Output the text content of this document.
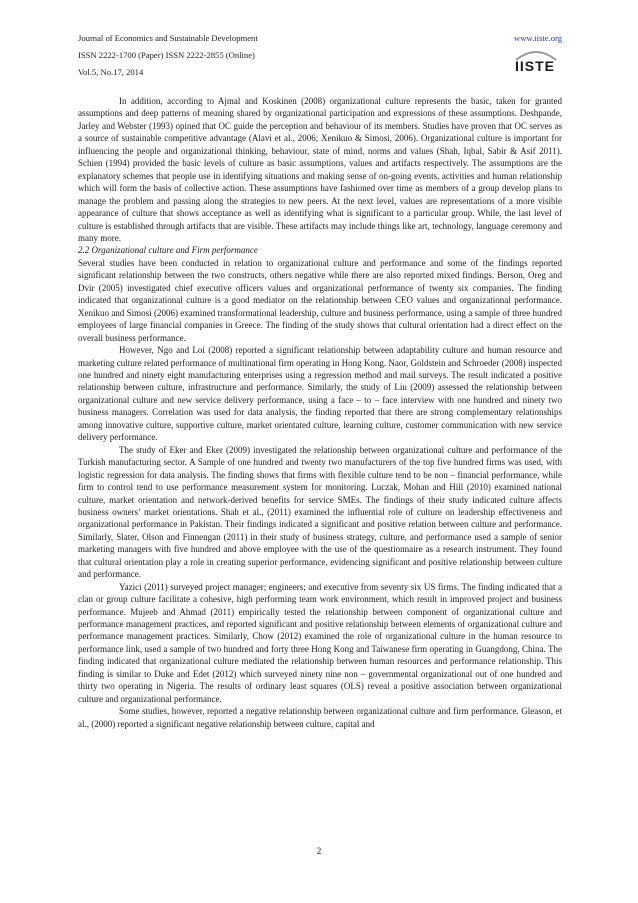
Journal of Economics and Sustainable Development
ISSN 2222-1700 (Paper) ISSN 2222-2855 (Online)
Vol.5, No.17, 2014
www.iiste.org
IISTE

In addition, according to Ajmal and Koskinen (2008) organizational culture represents the basic, taken for granted assumptions and deep patterns of meaning shared by organizational participation and expressions of these assumptions. Deshpande, Jarley and Webster (1993) opined that OC guide the perception and behaviour of its members. Studies have proven that OC serves as a source of sustainable competitive advantage (Alavi et al., 2006; Xenikuo & Simosi, 2006). Organizational culture is important for influencing the people and organizational thinking, behaviour, state of mind, norms and values (Shah, Iqbal, Sabir & Asif 2011). Schien (1994) provided the basic levels of culture as basic assumptions, values and artifacts respectively. The assumptions are the explanatory schemes that people use in identifying situations and making sense of on-going events, activities and human relationship which will form the basis of collective action. These assumptions have fashioned over time as members of a group develop plans to manage the problem and passing along the strategies to new peers. At the next level, values are representations of a more visible appearance of culture that shows acceptance as well as identifying what is significant to a particular group. While, the last level of culture is established through artifacts that are visible. These artifacts may include things like art, technology, language ceremony and many more.

2.2 Organizational culture and Firm performance

Several studies have been conducted in relation to organizational culture and performance and some of the findings reported significant relationship between the two constructs, others negative while there are also reported mixed findings. Berson, Oreg and Dvir (2005) investigated chief executive officers values and organizational performance of twenty six companies. The finding indicated that organizational culture is a good mediator on the relationship between CEO values and organizational performance. Xenikuo and Simosi (2006) examined transformational leadership, culture and business performance, using a sample of three hundred employees of large financial companies in Greece. The finding of the study shows that cultural orientation had a direct effect on the overall business performance.

However, Ngo and Loi (2008) reported a significant relationship between adaptability culture and human resource and marketing culture related performance of multinational firm operating in Hong Kong. Naor, Goldstein and Schroeder (2008) inspected one hundred and ninety eight manufacturing enterprises using a regression method and mail surveys. The result indicated a positive relationship between culture, infrastructure and performance. Similarly, the study of Liu (2009) assessed the relationship between organizational culture and new service delivery performance, using a face – to – face interview with one hundred and ninety two business managers. Correlation was used for data analysis, the finding reported that there are strong complementary relationships among innovative culture, supportive culture, market orientated culture, learning culture, customer communication with new service delivery performance.

The study of Eker and Eker (2009) investigated the relationship between organizational culture and performance of the Turkish manufacturing sector. A Sample of one hundred and twenty two manufacturers of the top five hundred firms was used, with logistic regression for data analysis. The finding shows that firms with flexible culture tend to be non – financial performance, while firm to control tend to use performance measurement system for monitoring. Luczak, Mohan and Hill (2010) examined national culture, market orientation and network-derived benefits for service SMEs. The findings of their study indicated culture affects business owners’ market orientations. Shah et al., (2011) examined the influential role of culture on leadership effectiveness and organizational performance in Pakistan. Their findings indicated a significant and positive relation between culture and performance. Similarly, Slater, Olson and Finnengan (2011) in their study of business strategy, culture, and performance used a sample of senior marketing managers with five hundred and above employee with the use of the questionnaire as a research instrument. They found that cultural orientation play a role in creating superior performance, evidencing significant and positive relationship between culture and performance.

Yazici (2011) surveyed project manager; engineers; and executive from seventy six US firms. The finding indicated that a clan or group culture facilitate a cohesive, high performing team work environment, which result in improved project and business performance. Mujeeb and Ahmad (2011) empirically tested the relationship between component of organizational culture and performance management practices, and reported significant and positive relationship between elements of organizational culture and performance management practices. Similarly, Chow (2012) examined the role of organizational culture in the human resource to performance link, used a sample of two hundred and forty three Hong Kong and Taiwanese firm operating in Guangdong, China. The finding indicated that organizational culture mediated the relationship between human resources and performance relationship. This finding is similar to Duke and Edet (2012) which surveyed ninety nine non – governmental organizational out of one hundred and thirty two operating in Nigeria. The results of ordinary least squares (OLS) reveal a positive association between organizational culture and organizational performance.

Some studies, however, reported a negative relationship between organizational culture and firm performance. Gleason, et al., (2000) reported a significant negative relationship between culture, capital and

2
